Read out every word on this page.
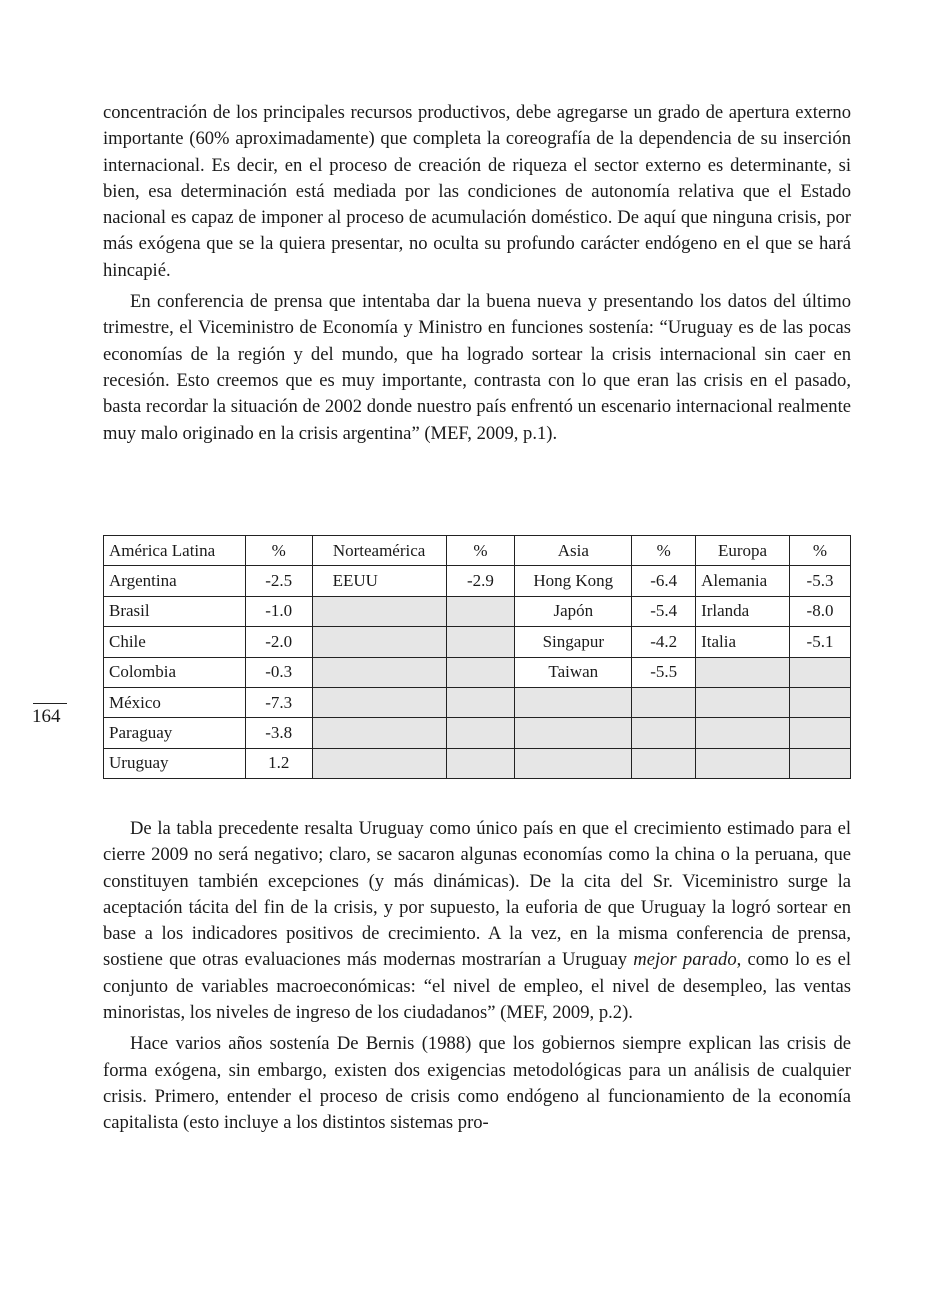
concentración de los principales recursos productivos, debe agregarse un grado de apertura externo importante (60% aproximadamente) que completa la coreografía de la dependencia de su inserción internacional. Es decir, en el proceso de creación de riqueza el sector externo es determinante, si bien, esa determinación está mediada por las condiciones de autonomía relativa que el Estado nacional es capaz de imponer al proceso de acumulación doméstico. De aquí que ninguna crisis, por más exógena que se la quiera presentar, no oculta su profundo carácter endógeno en el que se hará hincapié.

En conferencia de prensa que intentaba dar la buena nueva y presentando los datos del último trimestre, el Viceministro de Economía y Ministro en funciones sostenía: “Uruguay es de las pocas economías de la región y del mundo, que ha logrado sortear la crisis internacional sin caer en recesión. Esto creemos que es muy importante, contrasta con lo que eran las crisis en el pasado, basta recordar la situación de 2002 donde nuestro país enfrentó un escenario internacional realmente muy malo originado en la crisis argentina” (MEF, 2009, p.1).

América Latina	%	Norteamérica	%	Asia	%	Europa	%
Argentina	-2.5	EEUU	-2.9	Hong Kong	-6.4	Alemania	-5.3
Brasil	-1.0			Japón	-5.4	Irlanda	-8.0
Chile	-2.0			Singapur	-4.2	Italia	-5.1
Colombia	-0.3			Taiwan	-5.5		
México	-7.3						
Paraguay	-3.8						
Uruguay	1.2						
164

De la tabla precedente resalta Uruguay como único país en que el crecimiento estimado para el cierre 2009 no será negativo; claro, se sacaron algunas economías como la china o la peruana, que constituyen también excepciones (y más dinámicas). De la cita del Sr. Viceministro surge la aceptación tácita del fin de la crisis, y por supuesto, la euforia de que Uruguay la logró sortear en base a los indicadores positivos de crecimiento. A la vez, en la misma conferencia de prensa, sostiene que otras evaluaciones más modernas mostrarían a Uruguay mejor parado, como lo es el conjunto de variables macroeconómicas: “el nivel de empleo, el nivel de desempleo, las ventas minoristas, los niveles de ingreso de los ciudadanos” (MEF, 2009, p.2).

Hace varios años sostenía De Bernis (1988) que los gobiernos siempre explican las crisis de forma exógena, sin embargo, existen dos exigencias metodológicas para un análisis de cualquier crisis. Primero, entender el proceso de crisis como endógeno al funcionamiento de la economía capitalista (esto incluye a los distintos sistemas pro-
